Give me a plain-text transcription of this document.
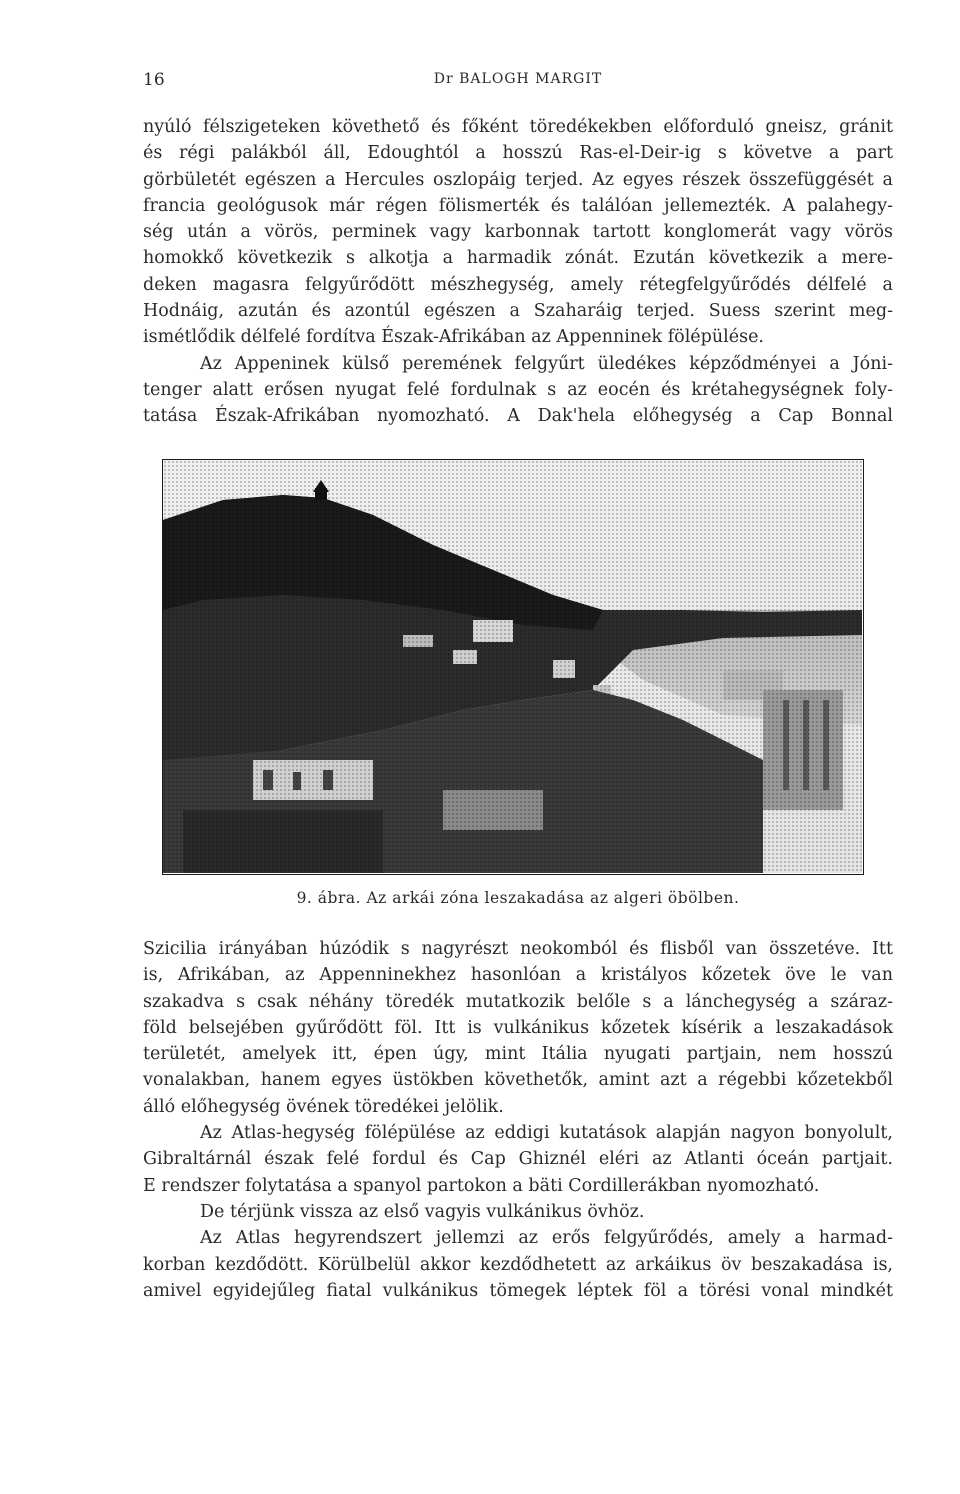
16	Dr BALOGH MARGIT
nyúló félszigeteken követhető és főként töredékekben előforduló gneisz, gránit
és régi palákból áll, Edoughtól a hosszú Ras-el-Deir-ig s követve a part
görbületét egészen a Hercules oszlopáig terjed. Az egyes részek összefüggését a
francia geológusok már régen fölismerték és találóan jellemezték. A palahegy-
ség után a vörös, perminek vagy karbonnak tartott konglomerát vagy vörös
homokkő következik s alkotja a harmadik zónát. Ezután következik a mere-
deken magasra felgyűrődött mészhegység, amely rétegfelgyűrődés délfelé a
Hodnáig, azután és azontúl egészen a Szaharáig terjed. Suess szerint meg-
ismétlődik délfelé fordítva Észak-Afrikában az Appenninek fölépülése.
Az Appeninek külső peremének felgyűrt üledékes képződményei a Jóni-
tenger alatt erősen nyugat felé fordulnak s az eocén és krétahegységnek foly-
tatása Észak-Afrikában nyomozható. A Dak'hela előhegység a Cap Bonnal
9. ábra. Az arkái zóna leszakadása az algeri öbölben.
Szicilia irányában húzódik s nagyrészt neokomból és flisből van összetéve. Itt
is, Afrikában, az Appenninekhez hasonlóan a kristályos kőzetek öve le van
szakadva s csak néhány töredék mutatkozik belőle s a lánchegység a száraz-
föld belsejében gyűrődött föl. Itt is vulkánikus kőzetek kísérik a leszakadások
területét, amelyek itt, épen úgy, mint Itália nyugati partjain, nem hosszú
vonalakban, hanem egyes üstökben követhetők, amint azt a régebbi kőzetekből
álló előhegység övének töredékei jelölik.
Az Atlas-hegység fölépülése az eddigi kutatások alapján nagyon bonyolult,
Gibraltárnál észak felé fordul és Cap Ghiznél eléri az Atlanti óceán partjait.
E rendszer folytatása a spanyol partokon a bäti Cordillerákban nyomozható.
De térjünk vissza az első vagyis vulkánikus övhöz.
Az Atlas hegyrendszert jellemzi az erős felgyűrődés, amely a harmad-
korban kezdődött. Körülbelül akkor kezdődhetett az arkáikus öv beszakadása is,
amivel egyidejűleg fiatal vulkánikus tömegek léptek föl a törési vonal mindkét
